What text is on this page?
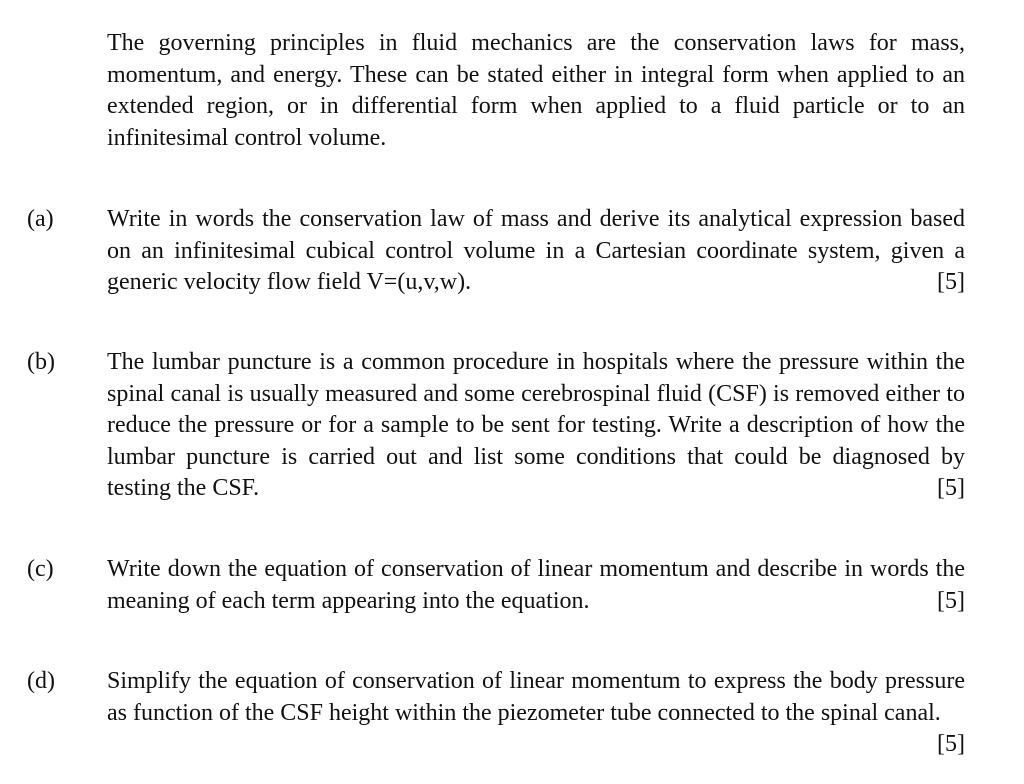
The governing principles in fluid mechanics are the conservation laws for mass, momentum, and energy. These can be stated either in integral form when applied to an extended region, or in differential form when applied to a fluid particle or to an infinitesimal control volume.

(a) Write in words the conservation law of mass and derive its analytical expression based on an infinitesimal cubical control volume in a Cartesian coordinate system, given a generic velocity flow field V=(u,v,w).	[5]

(b) The lumbar puncture is a common procedure in hospitals where the pressure within the spinal canal is usually measured and some cerebrospinal fluid (CSF) is removed either to reduce the pressure or for a sample to be sent for testing. Write a description of how the lumbar puncture is carried out and list some conditions that could be diagnosed by testing the CSF.	[5]

(c) Write down the equation of conservation of linear momentum and describe in words the meaning of each term appearing into the equation.	[5]

(d) Simplify the equation of conservation of linear momentum to express the body pressure as function of the CSF height within the piezometer tube connected to the spinal canal.
[5]
